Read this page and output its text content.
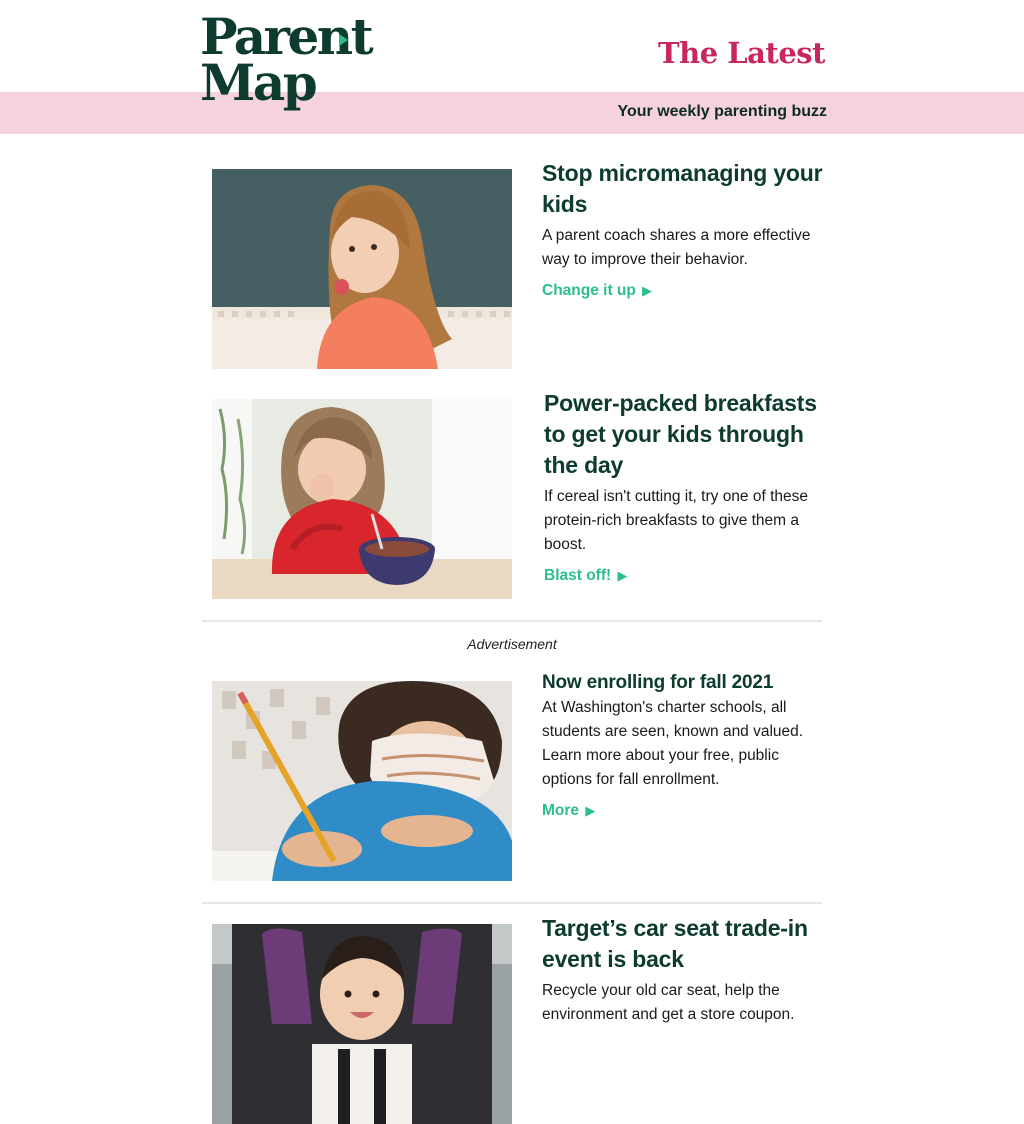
Parent
Map	The Latest
Your weekly parenting buzz
Stop micromanaging your kids

A parent coach shares a more effective way to improve their behavior.

Change it up ▶
Power-packed breakfasts to get your kids through the day

If cereal isn't cutting it, try one of these protein-rich breakfasts to give them a boost.

Blast off! ▶
Advertisement
Now enrolling for fall 2021

At Washington's charter schools, all students are seen, known and valued. Learn more about your free, public options for fall enrollment.

More ▶
Target’s car seat trade-in event is back

Recycle your old car seat, help the environment and get a store coupon.
